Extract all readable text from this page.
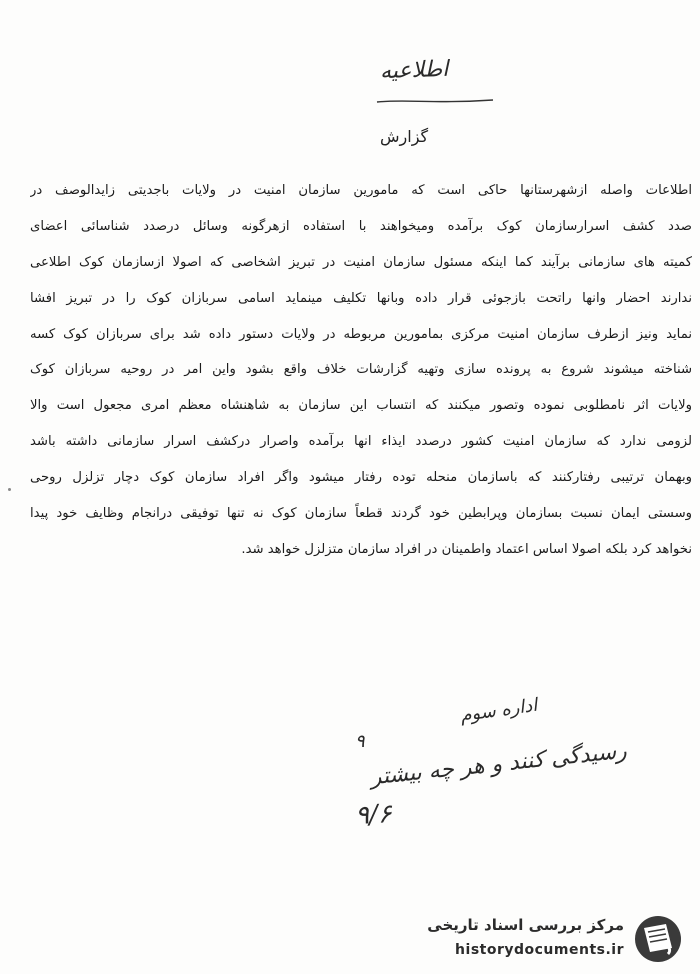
اطلاعیه
گزارش
اطلاعات واصله ازشهرستانها حاکی است که مامورین سازمان امنیت در ولایات باجدیتی زایدالوصف در
صدد کشف اسرارسازمان کوک برآمده ومیخواهند با استفاده ازهرگونه وسائل درصدد شناسائی اعضای
کمیته های سازمانی برآیند کما اینکه مسئول سازمان امنیت در تبریز اشخاصی که اصولا ازسازمان کوک اطلاعی
ندارند احضار وانها راتحت بازجوئی قرار داده وبانها تکلیف مینماید اسامی سربازان کوک را در تبریز افشا
نماید ونیز ازطرف سازمان امنیت مرکزی بمامورین مربوطه در ولایات دستور داده شد برای سربازان کوک کسه
شناخته میشوند شروع به پرونده سازی وتهیه گزارشات خلاف واقع بشود واین امر در روحیه سربازان کوک
ولایات اثر نامطلوبی نموده وتصور میکنند که انتساب این سازمان به شاهنشاه معظم امری مجعول است والا
لزومی ندارد که سازمان امنیت کشور درصدد ایذاء انها برآمده واصرار درکشف اسرار سازمانی داشته باشد
وبهمان ترتیبی رفتارکنند که باسازمان منحله توده رفتار میشود واگر افراد سازمان کوک دچار تزلزل روحی
وسستی ایمان نسبت بسازمان وپرابطین خود گردند قطعاً سازمان کوک نه تنها توفیقی درانجام وظایف خود پیدا
نخواهد کرد بلکه اصولا اساس اعتماد واطمینان در افراد سازمان متزلزل خواهد شد.
اداره سوم
۹ رسیدگی کنند و هر چه بیشتر
۹/۶
مرکز بررسی اسناد تاریخی
historydocuments.ir
